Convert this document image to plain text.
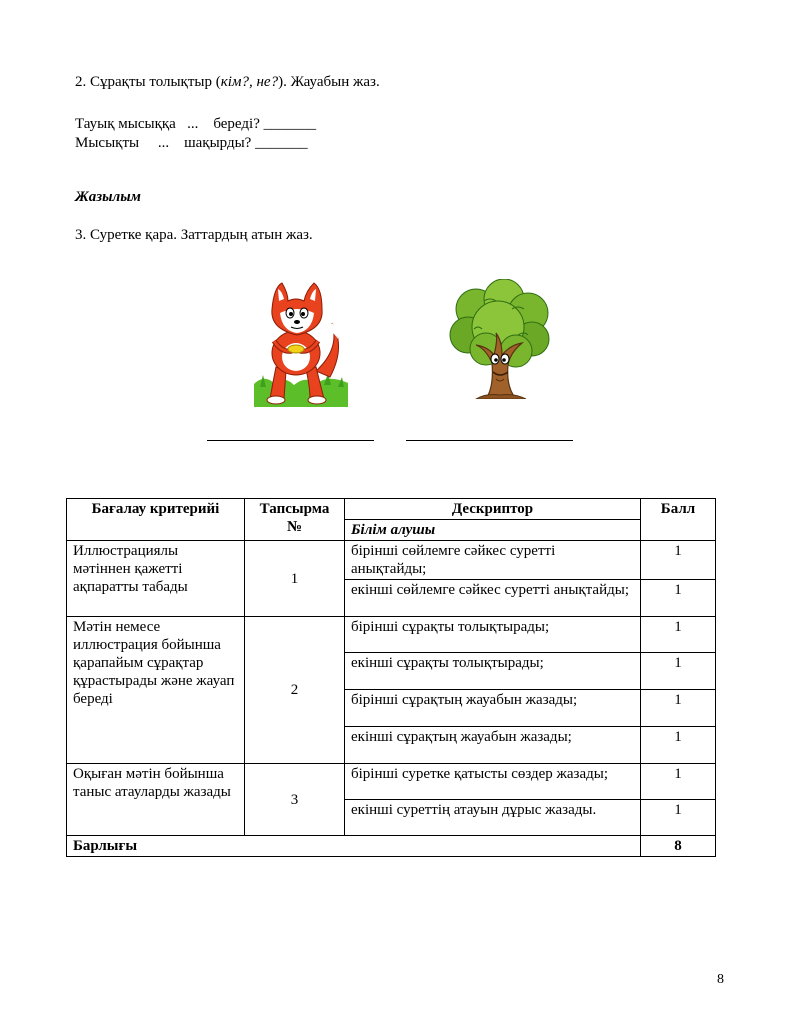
2. Сұрақты толықтыр (кім?, не?). Жауабын жаз.
Тауық мысыққа   ...    береді? _______
Мысықты     ...    шақырды? _______
Жазылым
3. Суретке қара. Заттардың атын жаз.
Бағалау критерийі	Тапсырма №	Дескриптор	Балл
		Білім алушы	
Иллюстрациялы мәтіннен қажетті ақпаратты табады	1	бірінші сөйлемге сәйкес суретті анықтайды;	1
		екінші сөйлемге сәйкес суретті анықтайды;	1
Мәтін немесе иллюстрация бойынша қарапайым сұрақтар құрастырады және жауап береді	2	бірінші сұрақты толықтырады;	1
		екінші сұрақты толықтырады;	1
		бірінші сұрақтың жауабын жазады;	1
		екінші сұрақтың жауабын жазады;	1
Оқыған мәтін бойынша таныс атауларды жазады	3	бірінші суретке қатысты сөздер жазады;	1
		екінші суреттің атауын дұрыс жазады.	1
Барлығы			8
8
